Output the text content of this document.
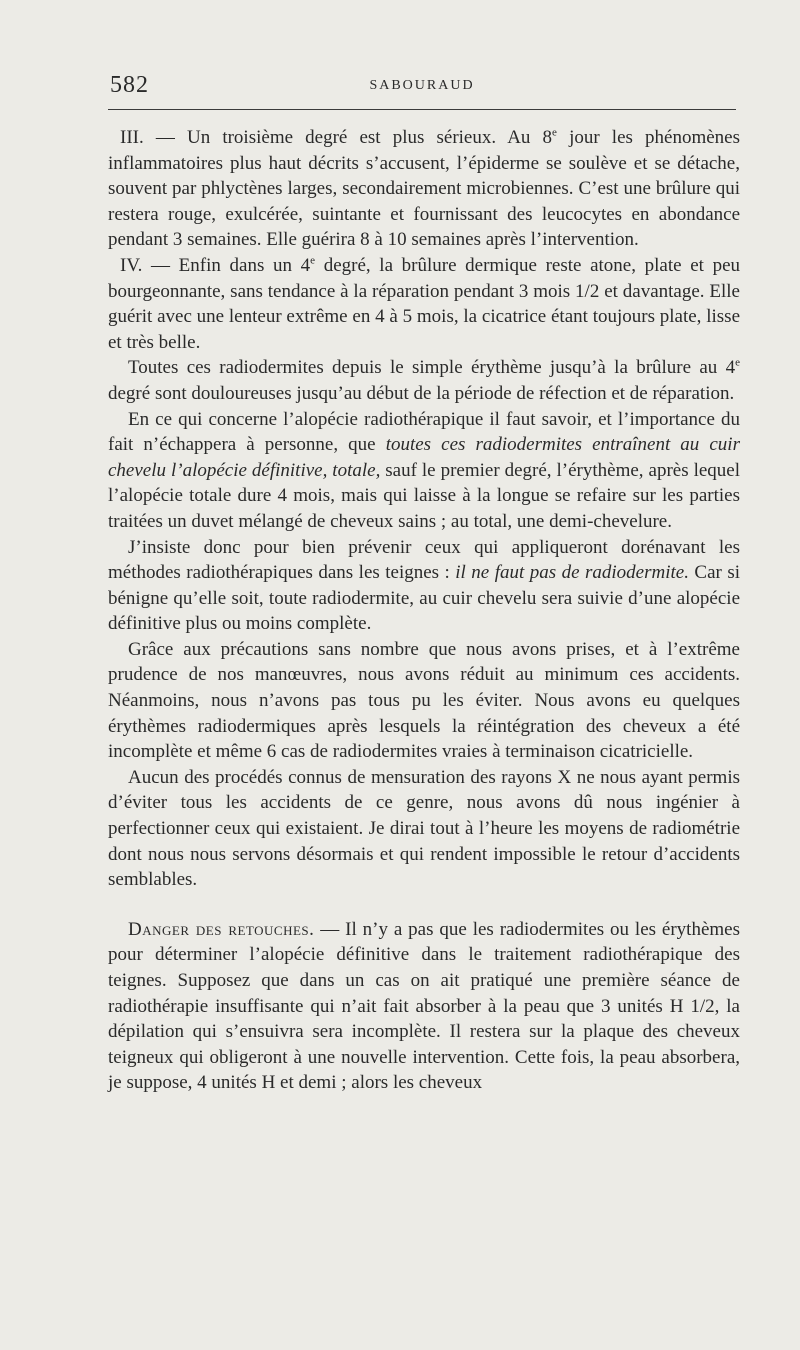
582	SABOURAUD

III. — Un troisième degré est plus sérieux. Au 8e jour les phénomènes inflammatoires plus haut décrits s’accusent, l’épiderme se soulève et se détache, souvent par phlyctènes larges, secondairement microbiennes. C’est une brûlure qui restera rouge, exulcérée, suintante et fournissant des leucocytes en abondance pendant 3 semaines. Elle guérira 8 à 10 semaines après l’intervention.

IV. — Enfin dans un 4e degré, la brûlure dermique reste atone, plate et peu bourgeonnante, sans tendance à la réparation pendant 3 mois 1/2 et davantage. Elle guérit avec une lenteur extrême en 4 à 5 mois, la cicatrice étant toujours plate, lisse et très belle.

Toutes ces radiodermites depuis le simple érythème jusqu’à la brûlure au 4e degré sont douloureuses jusqu’au début de la période de réfection et de réparation.

En ce qui concerne l’alopécie radiothérapique il faut savoir, et l’importance du fait n’échappera à personne, que toutes ces radiodermites entraînent au cuir chevelu l’alopécie définitive, totale, sauf le premier degré, l’érythème, après lequel l’alopécie totale dure 4 mois, mais qui laisse à la longue se refaire sur les parties traitées un duvet mélangé de cheveux sains ; au total, une demi-chevelure.

J’insiste donc pour bien prévenir ceux qui appliqueront dorénavant les méthodes radiothérapiques dans les teignes : il ne faut pas de radiodermite. Car si bénigne qu’elle soit, toute radiodermite, au cuir chevelu sera suivie d’une alopécie définitive plus ou moins complète.

Grâce aux précautions sans nombre que nous avons prises, et à l’extrême prudence de nos manœuvres, nous avons réduit au minimum ces accidents. Néanmoins, nous n’avons pas tous pu les éviter. Nous avons eu quelques érythèmes radiodermiques après lesquels la réintégration des cheveux a été incomplète et même 6 cas de radiodermites vraies à terminaison cicatricielle.

Aucun des procédés connus de mensuration des rayons X ne nous ayant permis d’éviter tous les accidents de ce genre, nous avons dû nous ingénier à perfectionner ceux qui existaient. Je dirai tout à l’heure les moyens de radiométrie dont nous nous servons désormais et qui rendent impossible le retour d’accidents semblables.

Danger des retouches. — Il n’y a pas que les radiodermites ou les érythèmes pour déterminer l’alopécie définitive dans le traitement radiothérapique des teignes. Supposez que dans un cas on ait pratiqué une première séance de radiothérapie insuffisante qui n’ait fait absorber à la peau que 3 unités H 1/2, la dépilation qui s’ensuivra sera incomplète. Il restera sur la plaque des cheveux teigneux qui obligeront à une nouvelle intervention. Cette fois, la peau absorbera, je suppose, 4 unités H et demi ; alors les cheveux
